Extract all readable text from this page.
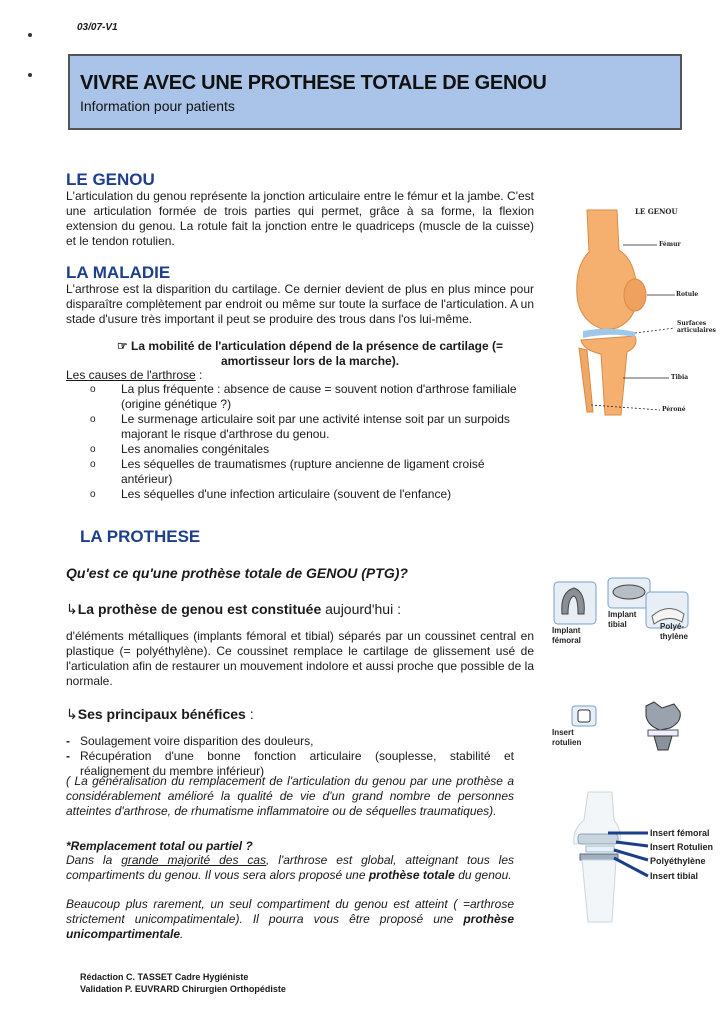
03/07-V1
VIVRE AVEC UNE PROTHESE TOTALE DE GENOU
Information pour patients
LE GENOU
L'articulation du genou représente la jonction articulaire entre le fémur et la jambe. C'est une articulation formée de trois parties qui permet, grâce à sa forme, la flexion extension du genou. La rotule fait la jonction entre le quadriceps (muscle de la cuisse) et le tendon rotulien.
LA MALADIE
L'arthrose est la disparition du cartilage. Ce dernier devient de plus en plus mince pour disparaître complètement par endroit ou même sur toute la surface de l'articulation. A un stade d'usure très important il peut se produire des trous dans l'os lui-même.
☞ La mobilité de l'articulation dépend de la présence de cartilage (= amortisseur lors de la marche).
Les causes de l'arthrose :
o La plus fréquente : absence de cause = souvent notion d'arthrose familiale (origine génétique ?)
o Le surmenage articulaire soit par une activité intense soit par un surpoids majorant le risque d'arthrose du genou.
o Les anomalies congénitales
o Les séquelles de traumatismes (rupture ancienne de ligament croisé antérieur)
o Les séquelles d'une infection articulaire (souvent de l'enfance)
LE GENOU
Fémur
Rotule
Surfaces articulaires
Tibia
Péroné
LA PROTHESE
Qu'est ce qu'une prothèse totale de GENOU (PTG)?
↳La prothèse de genou est constituée aujourd'hui :
d'éléments métalliques (implants fémoral et tibial) séparés par un coussinet central en plastique (= polyéthylène). Ce coussinet remplace le cartilage de glissement usé de l'articulation afin de restaurer un mouvement indolore et aussi proche que possible de la normale.
↳Ses principaux bénéfices :
- Soulagement voire disparition des douleurs,
- Récupération d'une bonne fonction articulaire (souplesse, stabilité et réalignement du membre inférieur)
( La généralisation du remplacement de l'articulation du genou par une prothèse a considérablement amélioré la qualité de vie d'un grand nombre de personnes atteintes d'arthrose, de rhumatisme inflammatoire ou de séquelles traumatiques).
*Remplacement total ou partiel ?
Dans la grande majorité des cas, l'arthrose est global, atteignant tous les compartiments du genou. Il vous sera alors proposé une prothèse totale du genou.
Beaucoup plus rarement, un seul compartiment du genou est atteint ( =arthrose strictement unicompatimentale). Il pourra vous être proposé une prothèse unicompartimentale.
Implant fémoral
Implant tibial	Polyé-thylène
Insert rotulien
Insert fémoral
Insert Rotulien
Polyéthylène
Insert tibial
Rédaction C. TASSET Cadre Hygiéniste
Validation P. EUVRARD Chirurgien Orthopédiste
